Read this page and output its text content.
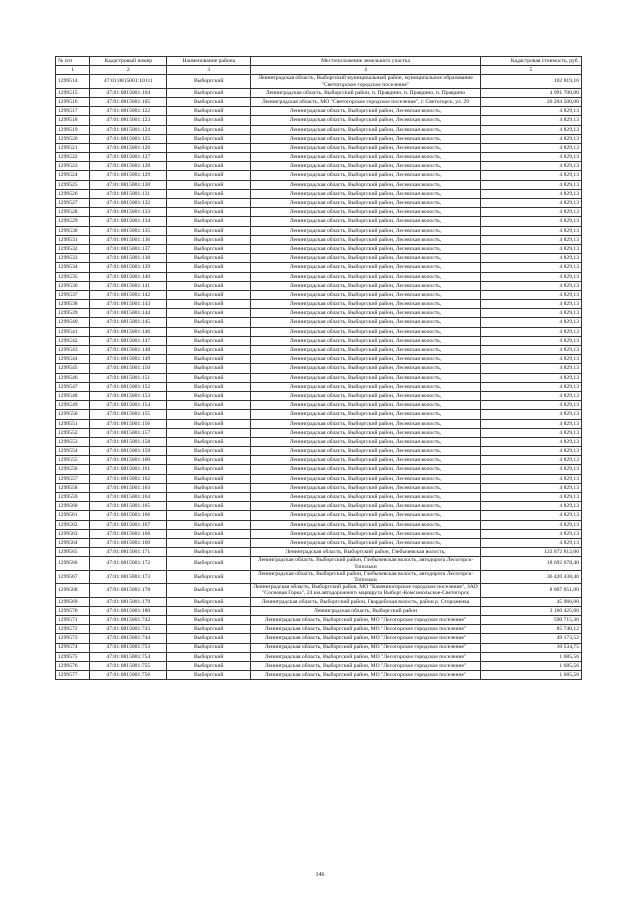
№ п/п	Кадастровый номер	Наименование района	Местоположение земельного участка	Кадастровая стоимость, руб.
1	2	3	4	5
1299514	47:01:0815001:10111	Выборгский	Ленинградская область, Выборгский муниципальный район, муниципальное образование "Светогорское городское поселение"	102 819,16
1299515	47:01:0815001:104	Выборгский	Ленинградская область, Выборгский район, п. Правдино, п. Правдино, п. Правдино	4 991 700,00
1299516	47:01:0815001:105	Выборгский	Ленинградская область, МО "Светогорское городское поселение", г. Светогорск, ул. 29	20 204 500,00
1299517	47:01:0815001:122	Выборгский	Ленинградская область, Выборгский район, Лесевская волость,	4 829,13
1299518	47:01:0815001:123	Выборгский	Ленинградская область, Выборгский район, Лесевская волость,	4 829,13
1299519	47:01:0815001:124	Выборгский	Ленинградская область, Выборгский район, Лесевская волость,	4 829,13
1299520	47:01:0815001:125	Выборгский	Ленинградская область, Выборгский район, Лесевская волость,	4 829,13
1299521	47:01:0815001:126	Выборгский	Ленинградская область, Выборгский район, Лесевская волость,	4 829,13
1299522	47:01:0815001:127	Выборгский	Ленинградская область, Выборгский район, Лесевская волость,	4 829,13
1299523	47:01:0815001:128	Выборгский	Ленинградская область, Выборгский район, Лесевская волость,	4 829,13
1299524	47:01:0815001:129	Выборгский	Ленинградская область, Выборгский район, Лесевская волость,	4 829,13
1299525	47:01:0815001:130	Выборгский	Ленинградская область, Выборгский район, Лесевская волость,	4 829,13
1299526	47:01:0815001:131	Выборгский	Ленинградская область, Выборгский район, Лесевская волость,	4 829,13
1299527	47:01:0815001:132	Выборгский	Ленинградская область, Выборгский район, Лесевская волость,	4 829,13
1299528	47:01:0815001:133	Выборгский	Ленинградская область, Выборгский район, Лесевская волость,	4 829,13
1299529	47:01:0815001:134	Выборгский	Ленинградская область, Выборгский район, Лесевская волость,	4 829,13
1299530	47:01:0815001:135	Выборгский	Ленинградская область, Выборгский район, Лесевская волость,	4 829,13
1299531	47:01:0815001:136	Выборгский	Ленинградская область, Выборгский район, Лесевская волость,	4 829,13
1299532	47:01:0815001:137	Выборгский	Ленинградская область, Выборгский район, Лесевская волость,	4 829,13
1299533	47:01:0815001:138	Выборгский	Ленинградская область, Выборгский район, Лесевская волость,	4 829,13
1299534	47:01:0815001:139	Выборгский	Ленинградская область, Выборгский район, Лесевская волость,	4 829,13
1299535	47:01:0815001:140	Выборгский	Ленинградская область, Выборгский район, Лесевская волость,	4 829,13
1299536	47:01:0815001:141	Выборгский	Ленинградская область, Выборгский район, Лесевская волость,	4 829,13
1299537	47:01:0815001:142	Выборгский	Ленинградская область, Выборгский район, Лесевская волость,	4 829,13
1299538	47:01:0815001:143	Выборгский	Ленинградская область, Выборгский район, Лесевская волость,	4 829,13
1299539	47:01:0815001:144	Выборгский	Ленинградская область, Выборгский район, Лесевская волость,	4 829,13
1299540	47:01:0815001:145	Выборгский	Ленинградская область, Выборгский район, Лесевская волость,	4 829,13
1299541	47:01:0815001:146	Выборгский	Ленинградская область, Выборгский район, Лесевская волость,	4 829,13
1299542	47:01:0815001:147	Выборгский	Ленинградская область, Выборгский район, Лесевская волость,	4 829,13
1299543	47:01:0815001:148	Выборгский	Ленинградская область, Выборгский район, Лесевская волость,	4 829,13
1299544	47:01:0815001:149	Выборгский	Ленинградская область, Выборгский район, Лесевская волость,	4 829,13
1299545	47:01:0815001:150	Выборгский	Ленинградская область, Выборгский район, Лесевская волость,	4 829,13
1299546	47:01:0815001:151	Выборгский	Ленинградская область, Выборгский район, Лесевская волость,	4 829,13
1299547	47:01:0815001:152	Выборгский	Ленинградская область, Выборгский район, Лесевская волость,	4 829,13
1299548	47:01:0815001:153	Выборгский	Ленинградская область, Выборгский район, Лесевская волость,	4 829,13
1299549	47:01:0815001:154	Выборгский	Ленинградская область, Выборгский район, Лесевская волость,	4 829,13
1299550	47:01:0815001:155	Выборгский	Ленинградская область, Выборгский район, Лесевская волость,	4 829,13
1299551	47:01:0815001:156	Выборгский	Ленинградская область, Выборгский район, Лесевская волость,	4 829,13
1299552	47:01:0815001:157	Выборгский	Ленинградская область, Выборгский район, Лесевская волость,	4 829,13
1299553	47:01:0815001:158	Выборгский	Ленинградская область, Выборгский район, Лесевская волость,	4 829,13
1299554	47:01:0815001:159	Выборгский	Ленинградская область, Выборгский район, Лесевская волость,	4 829,13
1299555	47:01:0815001:160	Выборгский	Ленинградская область, Выборгский район, Лесевская волость,	4 829,13
1299556	47:01:0815001:161	Выборгский	Ленинградская область, Выборгский район, Лесевская волость,	4 829,13
1299557	47:01:0815001:162	Выборгский	Ленинградская область, Выборгский район, Лесевская волость,	4 829,13
1299558	47:01:0815001:163	Выборгский	Ленинградская область, Выборгский район, Лесевская волость,	4 829,13
1299559	47:01:0815001:164	Выборгский	Ленинградская область, Выборгский район, Лесевская волость,	4 829,13
1299560	47:01:0815001:165	Выборгский	Ленинградская область, Выборгский район, Лесевская волость,	4 829,13
1299561	47:01:0815001:166	Выборгский	Ленинградская область, Выборгский район, Лесевская волость,	4 829,13
1299562	47:01:0815001:167	Выборгский	Ленинградская область, Выборгский район, Лесевская волость,	4 829,13
1299563	47:01:0815001:168	Выборгский	Ленинградская область, Выборгский район, Лесевская волость,	4 829,13
1299564	47:01:0815001:169	Выборгский	Ленинградская область, Выборгский район, Лесевская волость,	4 829,13
1299565	47:01:0815001:171	Выборгский	Ленинградская область, Выборгский район, Глебычевская волость,	123 872 812,00
1299566	47:01:0815001:172	Выборгский	Ленинградская область, Выборгский район, Глебычевская волость, автодорога Лесогорск-Топольки	18 692 078,40
1299567	47:01:0815001:173	Выборгский	Ленинградская область, Выборгский район, Глебычевская волость, автодорога Лесогорск-Топольки	36 420 438,40
1299568	47:01:0815001:178	Выборгский	Ленинградская область, Выборгский район, МО "Каменногорское городское поселение", ЗАО "Сосновая Горка", 24 км.автодорожного маршрута Выборг-Комсомольское-Светогорск	8 807 051,00
1299569	47:01:0815001:179	Выборгский	Ленинградская область, Выборгский район, Гвардейская волость, район р. Стороженка	45 966,00
1299570	47:01:0815001:180	Выборгский	Ленинградская область, Выборгский район	3 160 425,00
1299571	47:01:0815001:742	Выборгский	Ленинградская область, Выборгский район, МО "Лесогорское городское поселение"	590 715,30
1299572	47:01:0815001:743	Выборгский	Ленинградская область, Выборгский район, МО "Лесогорское городское поселение"	85 740,12
1299573	47:01:0815001:744	Выборгский	Ленинградская область, Выборгский район, МО "Лесогорское городское поселение"	49 173,52
1299574	47:01:0815001:753	Выборгский	Ленинградская область, Выборгский район, МО "Лесогорское городское поселение"	10 534,75
1299575	47:01:0815001:754	Выборгский	Ленинградская область, Выборгский район, МО "Лесогорское городское поселение"	1 685,56
1299576	47:01:0815001:755	Выборгский	Ленинградская область, Выборгский район, МО "Лесогорское городское поселение"	1 685,56
1299577	47:01:0815001:756	Выборгский	Ленинградская область, Выборгский район, МО "Лесогорское городское поселение"	1 685,56
146
